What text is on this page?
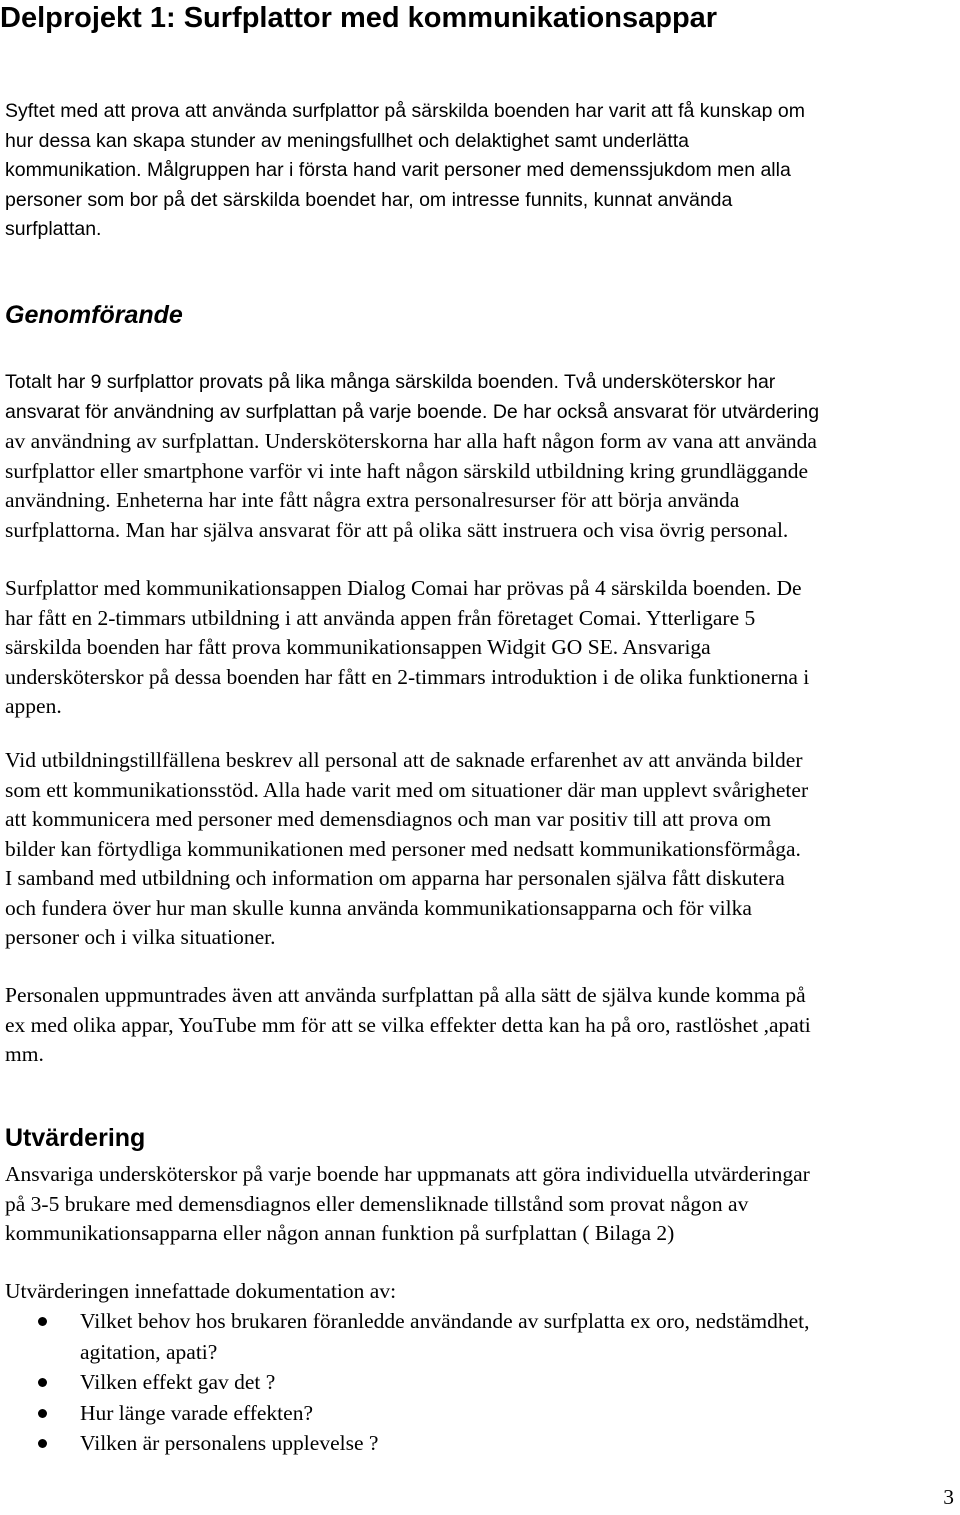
Delprojekt 1: Surfplattor med kommunikationsappar
Syftet med att prova att använda surfplattor på särskilda boenden har varit att få kunskap om
hur dessa kan skapa stunder av meningsfullhet och delaktighet samt underlätta
kommunikation. Målgruppen har i första hand varit personer med demenssjukdom men alla
personer som bor på det särskilda boendet har, om intresse funnits, kunnat använda
surfplattan.
Genomförande
Totalt har 9 surfplattor provats på lika många särskilda boenden. Två undersköterskor har
ansvarat för användning av surfplattan på varje boende. De har också ansvarat för utvärdering
av användning av surfplattan. Undersköterskorna har alla haft någon form av vana att använda
surfplattor eller smartphone varför vi inte haft någon särskild utbildning kring grundläggande
användning. Enheterna har inte fått några extra personalresurser för att börja använda
surfplattorna. Man har själva ansvarat för att på olika sätt instruera och visa övrig personal.
Surfplattor med kommunikationsappen Dialog Comai har prövas på 4 särskilda boenden. De
har fått en 2-timmars utbildning i att använda appen från företaget Comai. Ytterligare 5
särskilda boenden har fått prova kommunikationsappen Widgit GO SE. Ansvariga
undersköterskor på dessa boenden har fått en 2-timmars introduktion i de olika funktionerna i
appen.
Vid utbildningstillfällena beskrev all personal att de saknade erfarenhet av att använda bilder
som ett kommunikationsstöd. Alla hade varit med om situationer där man upplevt svårigheter
att kommunicera med personer med demensdiagnos och man var positiv till att prova om
bilder kan förtydliga kommunikationen med personer med nedsatt kommunikationsförmåga.
I samband med utbildning och information om apparna har personalen själva fått diskutera
och fundera över hur man skulle kunna använda kommunikationsapparna och för vilka
personer och i vilka situationer.
Personalen uppmuntrades även att använda surfplattan på alla sätt de själva kunde komma på
ex med olika appar, YouTube mm för att se vilka effekter detta kan ha på oro, rastlöshet ,apati
mm.
Utvärdering
Ansvariga undersköterskor på varje boende har uppmanats att göra individuella utvärderingar
på 3-5 brukare med demensdiagnos eller demensliknade tillstånd som provat någon av
kommunikationsapparna eller någon annan funktion på surfplattan ( Bilaga 2)
Utvärderingen innefattade dokumentation av:
Vilket behov hos brukaren föranledde användande av surfplatta ex oro, nedstämdhet,
agitation, apati?
Vilken effekt gav det ?
Hur länge varade effekten?
Vilken är personalens upplevelse ?
3
